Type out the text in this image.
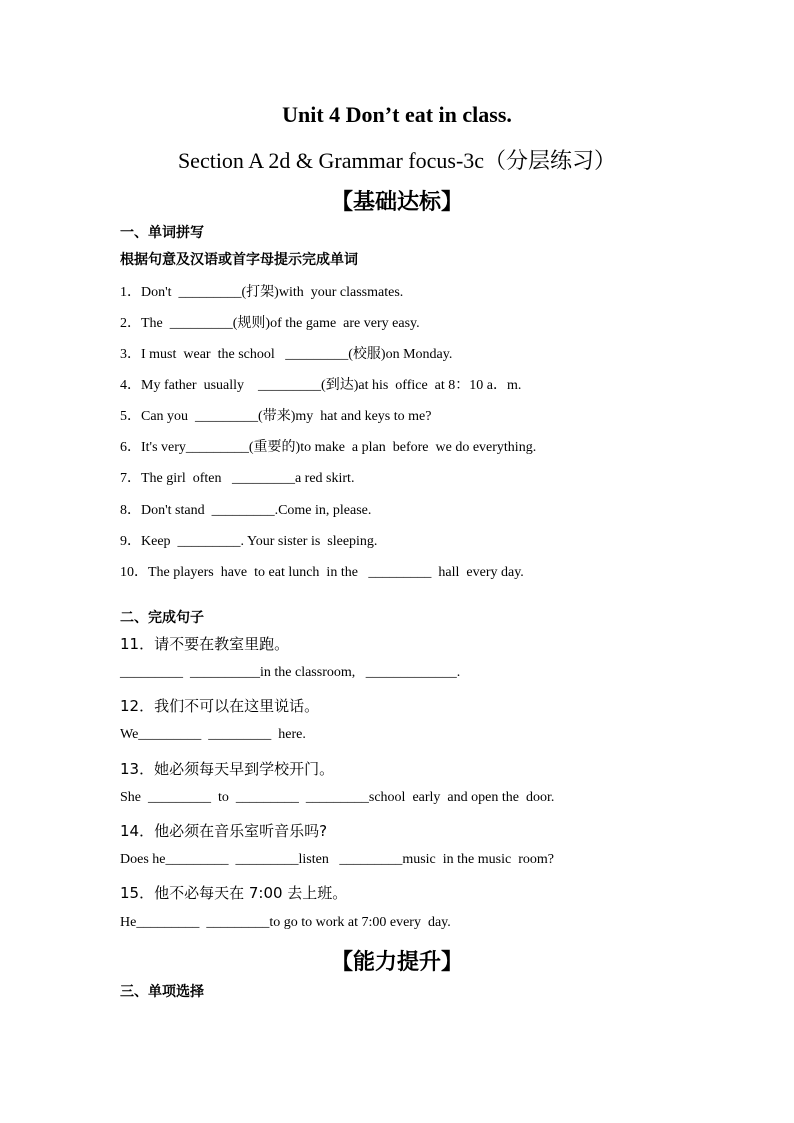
Unit 4 Don’t eat in class.
Section A 2d & Grammar focus-3c（分层练习）
【基础达标】
一、单词拼写
根据句意及汉语或首字母提示完成单词
1．Don't  _________(打架)with  your classmates.
2．The  _________(规则)of the game  are very easy.
3．I must  wear  the school   _________(校服)on Monday.
4．My father  usually    _________(到达)at his  office  at 8：10 a．m.
5．Can you  _________(带来)my  hat and keys to me?
6．It's very_________(重要的)to make  a plan  before  we do everything.
7．The girl  often   _________a red skirt.
8．Don't stand  _________.Come in, please.
9．Keep  _________. Your sister is  sleeping.
10．The players  have  to eat lunch  in the   _________  hall  every day.
二、完成句子
11．请不要在教室里跑。
_________  __________in the classroom,   _____________.
12．我们不可以在这里说话。
We_________  _________  here.
13．她必须每天早到学校开门。
She  _________  to  _________  _________school  early  and open the  door.
14．他必须在音乐室听音乐吗?
Does he_________  _________listen   _________music  in the music  room?
15．他不必每天在 7:00 去上班。
He_________  _________to go to work at 7:00 every  day.
【能力提升】
三、单项选择
